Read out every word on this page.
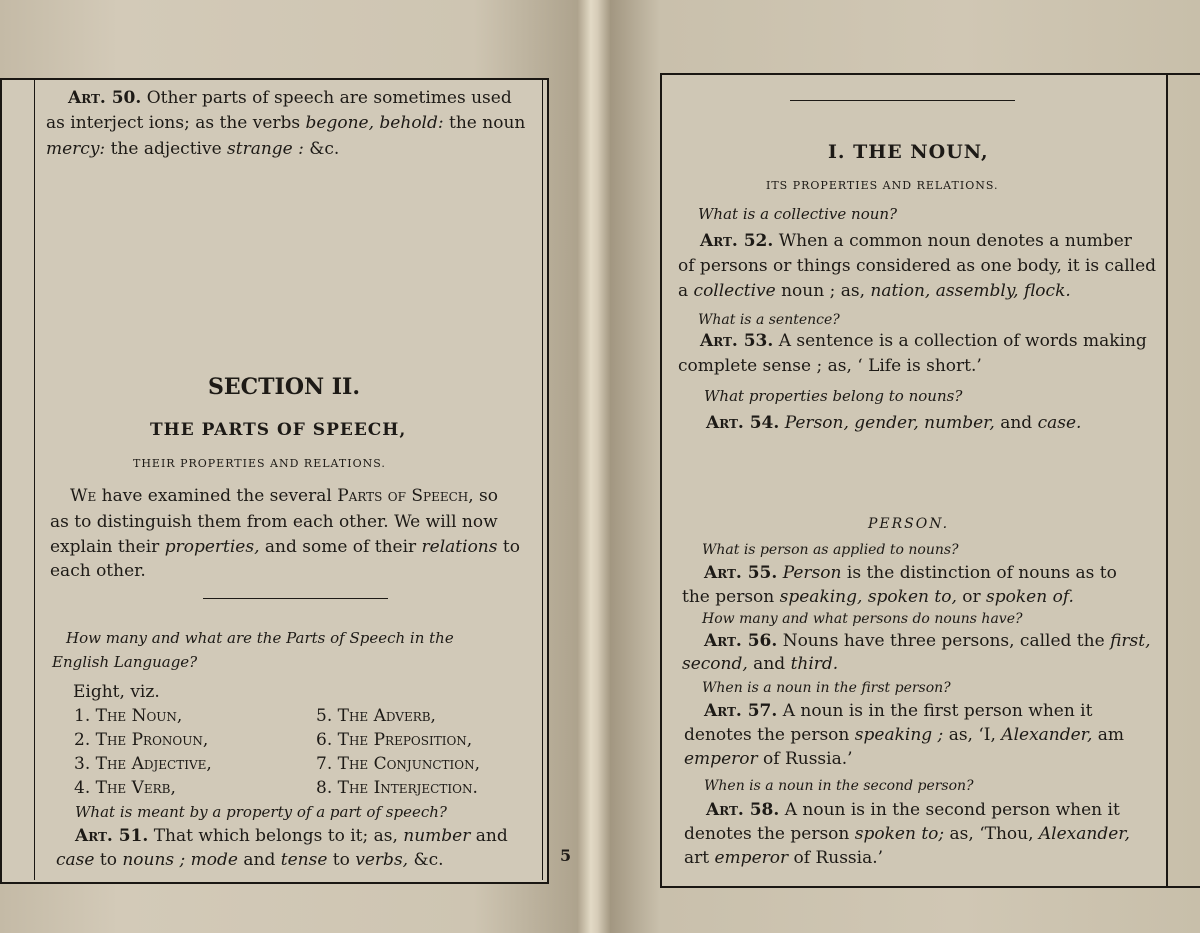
Art. 50. Other parts of speech are sometimes used
as interject ions; as the verbs begone, behold: the noun
mercy: the adjective strange : &c.
SECTION II.
THE PARTS OF SPEECH,
THEIR PROPERTIES AND RELATIONS.
We have examined the several Parts of Speech, so
as to distinguish them from each other. We will now
explain their properties, and some of their relations to
each other.
How many and what are the Parts of Speech in the
English Language?
Eight, viz.
1. The Noun,
2. The Pronoun,
3. The Adjective,
4. The Verb,
5. The Adverb,
6. The Preposition,
7. The Conjunction,
8. The Interjection.
What is meant by a property of a part of speech?
Art. 51. That which belongs to it; as, number and
case to nouns ; mode and tense to verbs, &c.	5
I. THE NOUN,
ITS PROPERTIES AND RELATIONS.
What is a collective noun?
Art. 52. When a common noun denotes a number
of persons or things considered as one body, it is called
a collective noun ; as, nation, assembly, flock.
What is a sentence?
Art. 53. A sentence is a collection of words making
complete sense ; as, ‘ Life is short.’
What properties belong to nouns?
Art. 54. Person, gender, number, and case.
PERSON.
What is person as applied to nouns?
Art. 55. Person is the distinction of nouns as to
the person speaking, spoken to, or spoken of.
How many and what persons do nouns have?
Art. 56. Nouns have three persons, called the first,
second, and third.
When is a noun in the first person?
Art. 57. A noun is in the first person when it
denotes the person speaking ; as, ‘I, Alexander, am
emperor of Russia.’
When is a noun in the second person?
Art. 58. A noun is in the second person when it
denotes the person spoken to; as, ‘Thou, Alexander,
art emperor of Russia.’
